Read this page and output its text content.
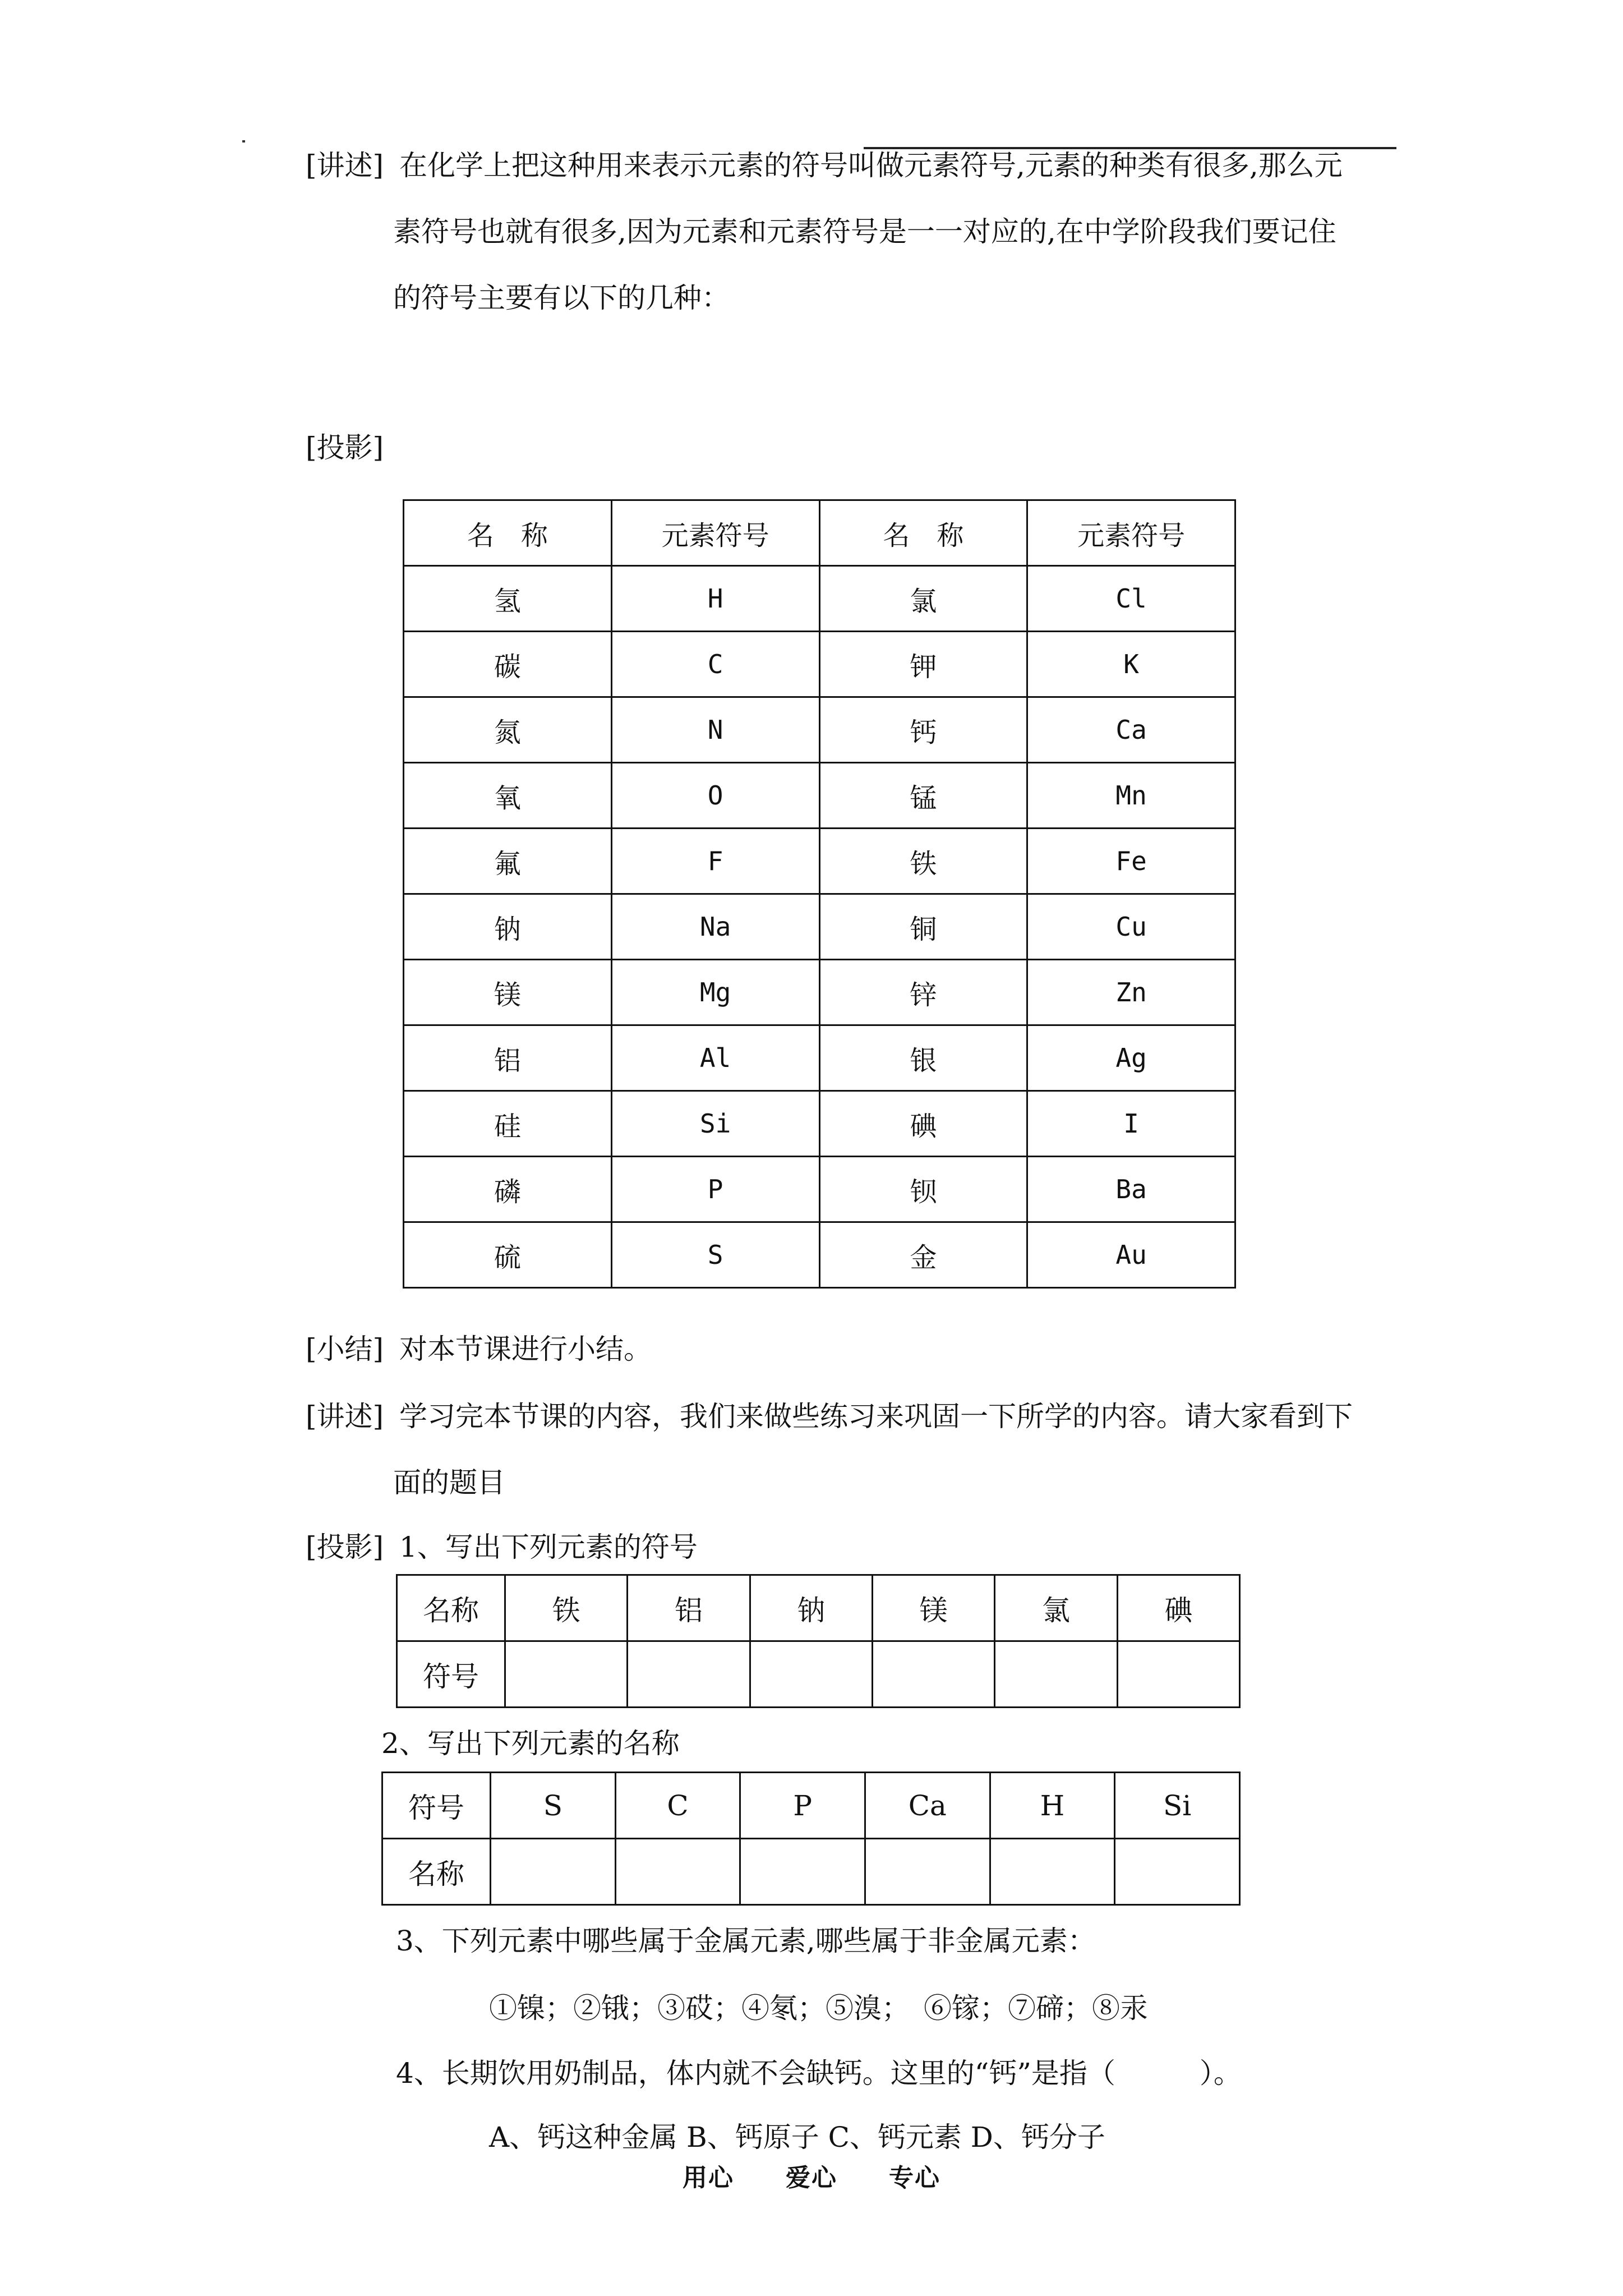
[讲述] 在化学上把这种用来表示元素的符号叫做元素符号,元素的种类有很多,那么元
素符号也就有很多,因为元素和元素符号是一一对应的,在中学阶段我们要记住
的符号主要有以下的几种：
[投影]
名　称	元素符号	名　称	元素符号
氢	H	氯	Cl
碳	C	钾	K
氮	N	钙	Ca
氧	O	锰	Mn
氟	F	铁	Fe
钠	Na	铜	Cu
镁	Mg	锌	Zn
铝	Al	银	Ag
硅	Si	碘	I
磷	P	钡	Ba
硫	S	金	Au
[小结] 对本节课进行小结。
[讲述] 学习完本节课的内容，我们来做些练习来巩固一下所学的内容。请大家看到下
面的题目
[投影] 1、写出下列元素的符号
名称	铁	铝	钠	镁	氯	碘
符号						
2、写出下列元素的名称
符号	S	C	P	Ca	H	Si
名称						
3、下列元素中哪些属于金属元素,哪些属于非金属元素：
①镍；②锇；③砹；④氡；⑤溴；　⑥镓；⑦碲；⑧汞
4、长期饮用奶制品，体内就不会缺钙。这里的“钙”是指（　　　）。
A、钙这种金属 B、钙原子 C、钙元素 D、钙分子
用心　　爱心　　专心
